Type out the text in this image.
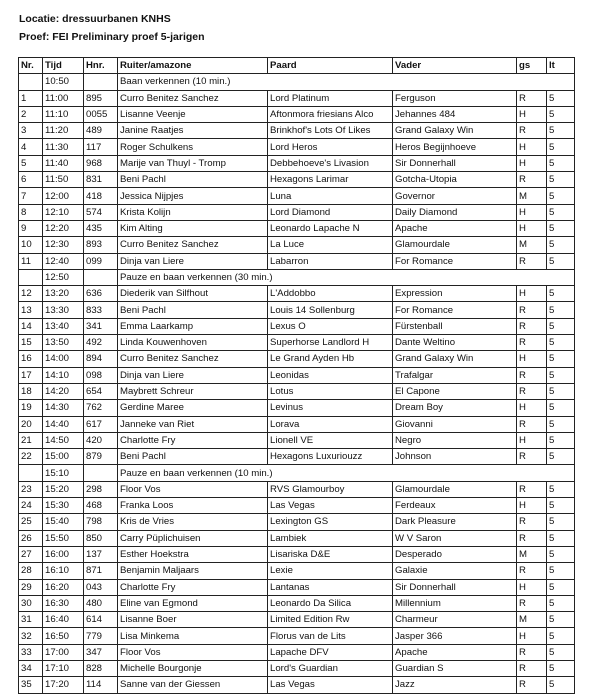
Locatie: dressuurbanen KNHS
Proef: FEI Preliminary proef 5-jarigen
Nr.	Tijd	Hnr.	Ruiter/amazone	Paard	Vader	gs	lt
	10:50		Baan verkennen (10 min.)				
1	11:00	895	Curro Benitez Sanchez	Lord Platinum	Ferguson	R	5
2	11:10	0055	Lisanne Veenje	Aftonmora friesians Alco	Jehannes 484	H	5
3	11:20	489	Janine Raatjes	Brinkhof's Lots Of Likes	Grand Galaxy Win	R	5
4	11:30	117	Roger Schulkens	Lord Heros	Heros Begijnhoeve	H	5
5	11:40	968	Marije van Thuyl - Tromp	Debbehoeve's Livasion	Sir Donnerhall	H	5
6	11:50	831	Beni Pachl	Hexagons Larimar	Gotcha-Utopia	R	5
7	12:00	418	Jessica Nijpjes	Luna	Governor	M	5
8	12:10	574	Krista Kolijn	Lord Diamond	Daily Diamond	H	5
9	12:20	435	Kim Alting	Leonardo Lapache N	Apache	H	5
10	12:30	893	Curro Benitez Sanchez	La Luce	Glamourdale	M	5
11	12:40	099	Dinja van Liere	Labarron	For Romance	R	5
	12:50		Pauze en baan verkennen (30 min.)				
12	13:20	636	Diederik van Silfhout	L'Addobbo	Expression	H	5
13	13:30	833	Beni Pachl	Louis 14 Sollenburg	For Romance	R	5
14	13:40	341	Emma Laarkamp	Lexus O	Fürstenball	R	5
15	13:50	492	Linda Kouwenhoven	Superhorse Landlord H	Dante Weltino	R	5
16	14:00	894	Curro Benitez Sanchez	Le Grand Ayden Hb	Grand Galaxy Win	H	5
17	14:10	098	Dinja van Liere	Leonidas	Trafalgar	R	5
18	14:20	654	Maybrett Schreur	Lotus	El Capone	R	5
19	14:30	762	Gerdine Maree	Levinus	Dream Boy	H	5
20	14:40	617	Janneke van Riet	Lorava	Giovanni	R	5
21	14:50	420	Charlotte Fry	Lionell VE	Negro	H	5
22	15:00	879	Beni Pachl	Hexagons Luxuriouzz	Johnson	R	5
	15:10		Pauze en baan verkennen (10 min.)				
23	15:20	298	Floor Vos	RVS Glamourboy	Glamourdale	R	5
24	15:30	468	Franka Loos	Las Vegas	Ferdeaux	H	5
25	15:40	798	Kris de Vries	Lexington GS	Dark Pleasure	R	5
26	15:50	850	Carry Püplichuisen	Lambiek	W V Saron	R	5
27	16:00	137	Esther Hoekstra	Lisariska D&E	Desperado	M	5
28	16:10	871	Benjamin Maljaars	Lexie	Galaxie	R	5
29	16:20	043	Charlotte Fry	Lantanas	Sir Donnerhall	H	5
30	16:30	480	Eline van Egmond	Leonardo Da Silica	Millennium	R	5
31	16:40	614	Lisanne Boer	Limited Edition Rw	Charmeur	M	5
32	16:50	779	Lisa Minkema	Florus van de Lits	Jasper 366	H	5
33	17:00	347	Floor Vos	Lapache DFV	Apache	R	5
34	17:10	828	Michelle Bourgonje	Lord's Guardian	Guardian S	R	5
35	17:20	114	Sanne van der Giessen	Las Vegas	Jazz	R	5
